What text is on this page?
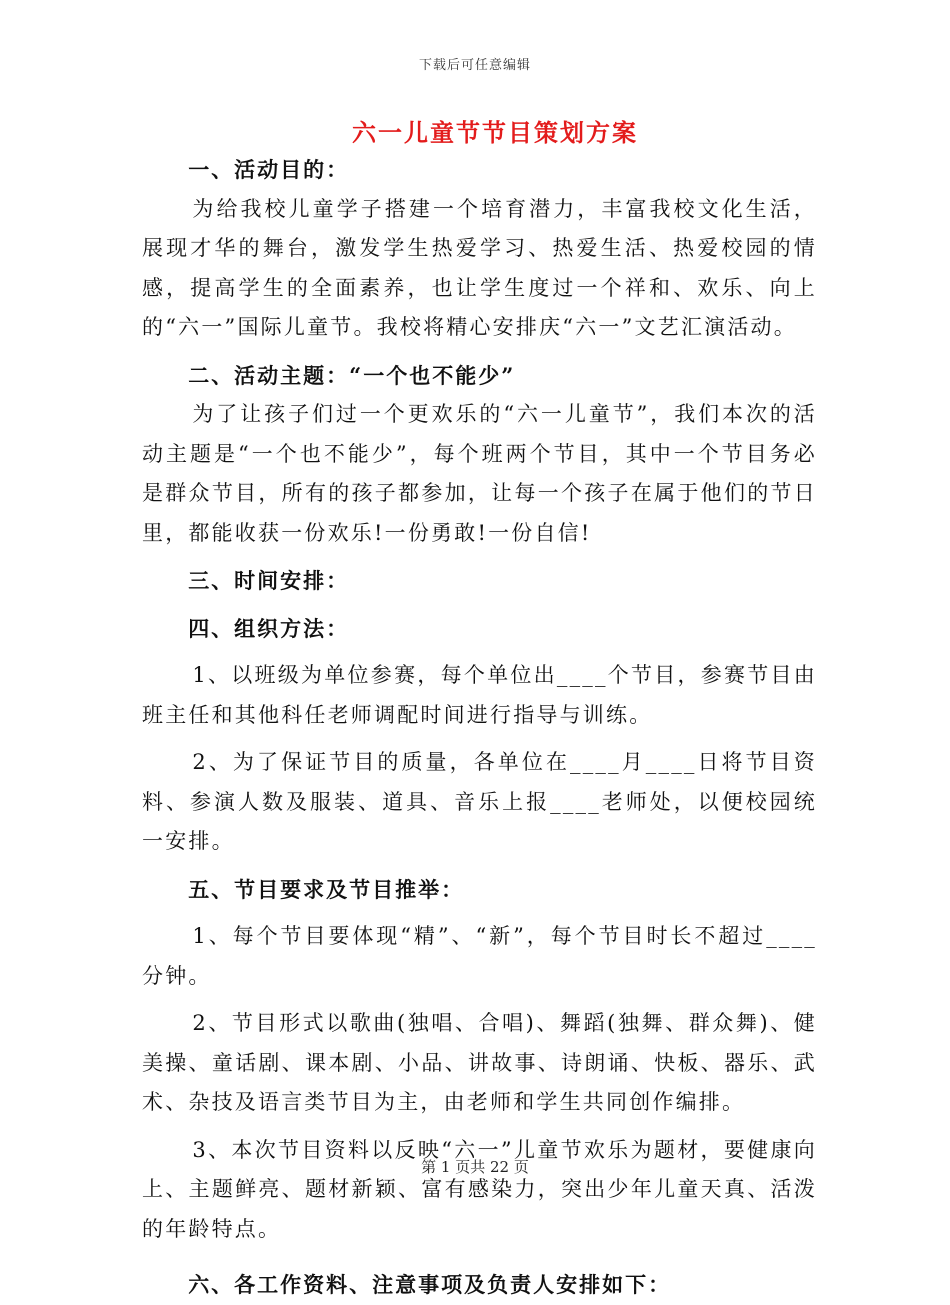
下载后可任意编辑
六一儿童节节目策划方案
一、活动目的：

为给我校儿童学子搭建一个培育潜力，丰富我校文化生活，展现才华的舞台，激发学生热爱学习、热爱生活、热爱校园的情感，提高学生的全面素养，也让学生度过一个祥和、欢乐、向上的“六一”国际儿童节。我校将精心安排庆“六一”文艺汇演活动。

二、活动主题：“一个也不能少”

为了让孩子们过一个更欢乐的“六一儿童节”，我们本次的活动主题是“一个也不能少”，每个班两个节目，其中一个节目务必是群众节目，所有的孩子都参加，让每一个孩子在属于他们的节日里，都能收获一份欢乐!一份勇敢!一份自信!

三、时间安排：
四、组织方法：

1、以班级为单位参赛，每个单位出____个节目，参赛节目由班主任和其他科任老师调配时间进行指导与训练。

2、为了保证节目的质量，各单位在____月____日将节目资料、参演人数及服装、道具、音乐上报____老师处，以便校园统一安排。

五、节目要求及节目推举：

1、每个节目要体现“精”、“新”，每个节目时长不超过____分钟。

2、节目形式以歌曲(独唱、合唱)、舞蹈(独舞、群众舞)、健美操、童话剧、课本剧、小品、讲故事、诗朗诵、快板、器乐、武术、杂技及语言类节目为主，由老师和学生共同创作编排。

3、本次节目资料以反映“六一”儿童节欢乐为题材，要健康向上、主题鲜亮、题材新颖、富有感染力，突出少年儿童天真、活泼的年龄特点。

六、各工作资料、注意事项及负责人安排如下：
第 1 页共 22 页
